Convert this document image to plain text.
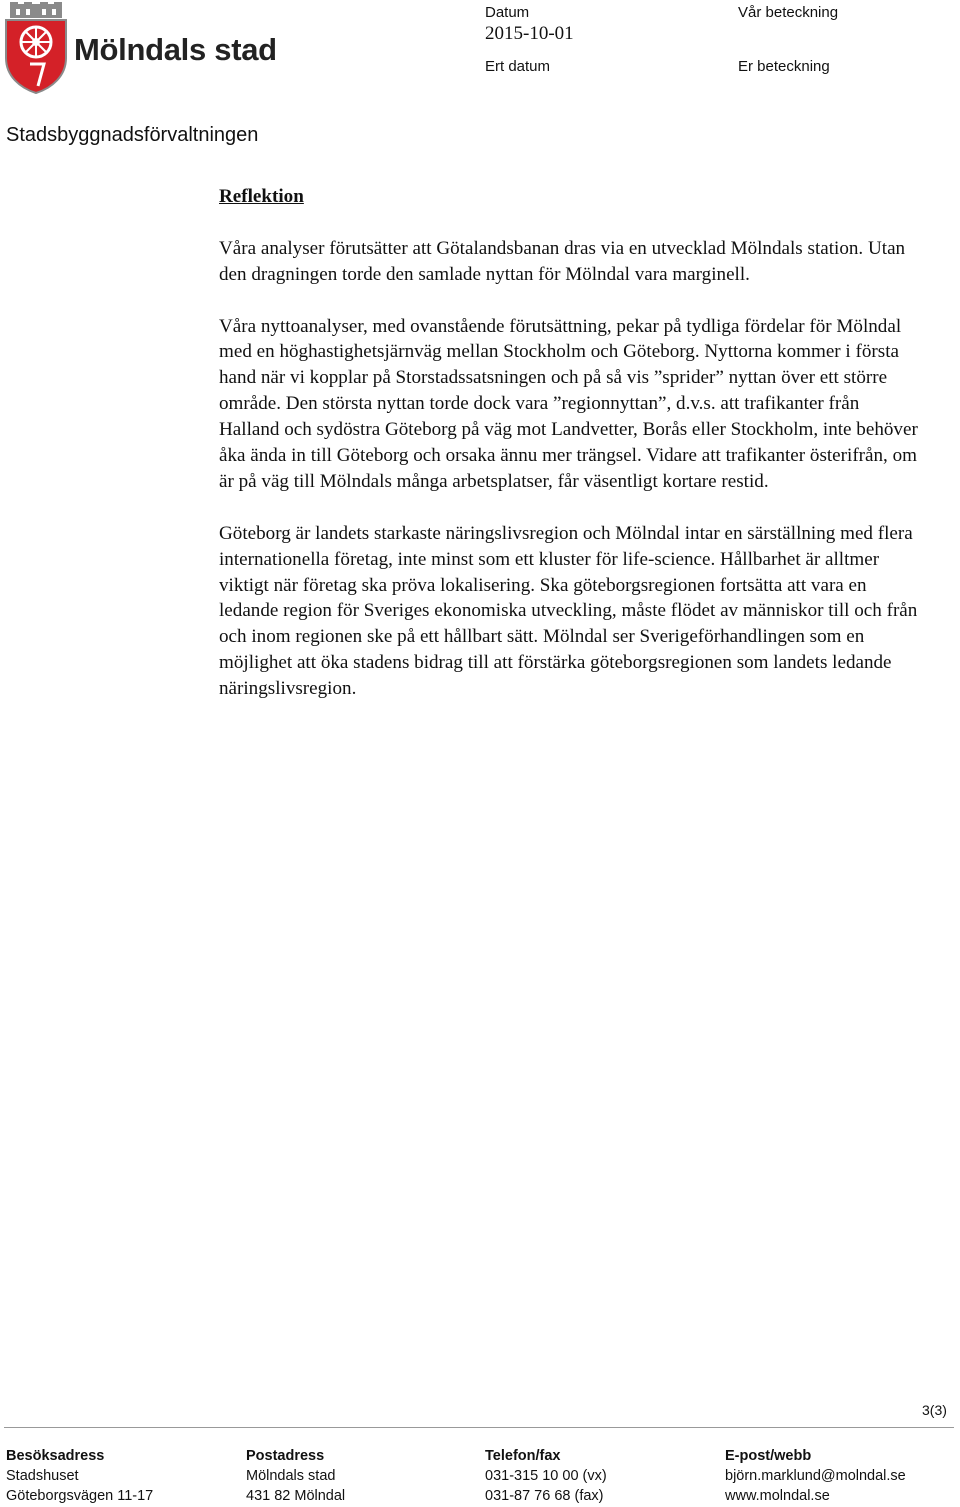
Mölndals stad
Datum
2015-10-01
Vår beteckning
Ert datum	Er beteckning
Stadsbyggnadsförvaltningen
Reflektion

Våra analyser förutsätter att Götalandsbanan dras via en utvecklad Mölndals station. Utan den dragningen torde den samlade nyttan för Mölndal vara marginell.

Våra nyttoanalyser, med ovanstående förutsättning, pekar på tydliga fördelar för Mölndal med en höghastighetsjärnväg mellan Stockholm och Göteborg. Nyttorna kommer i första hand när vi kopplar på Storstadssatsningen och på så vis ”sprider” nyttan över ett större område. Den största nyttan torde dock vara ”regionnyttan”, d.v.s. att trafikanter från Halland och sydöstra Göteborg på väg mot Landvetter, Borås eller Stockholm, inte behöver åka ända in till Göteborg och orsaka ännu mer trängsel. Vidare att trafikanter österifrån, om är på väg till Mölndals många arbetsplatser, får väsentligt kortare restid.

Göteborg är landets starkaste näringslivsregion och Mölndal intar en särställning med flera internationella företag, inte minst som ett kluster för life-science. Hållbarhet är alltmer viktigt när företag ska pröva lokalisering. Ska göteborgsregionen fortsätta att vara en ledande region för Sveriges ekonomiska utveckling, måste flödet av människor till och från och inom regionen ske på ett hållbart sätt. Mölndal ser Sverigeförhandlingen som en möjlighet att öka stadens bidrag till att förstärka göteborgsregionen som landets ledande näringslivsregion.

3(3)
Besöksadress
Stadshuset
Göteborgsvägen 11-17
Postadress
Mölndals stad
431 82 Mölndal
Telefon/fax
031-315 10 00 (vx)
031-87 76 68 (fax)
E-post/webb
björn.marklund@molndal.se
www.molndal.se
